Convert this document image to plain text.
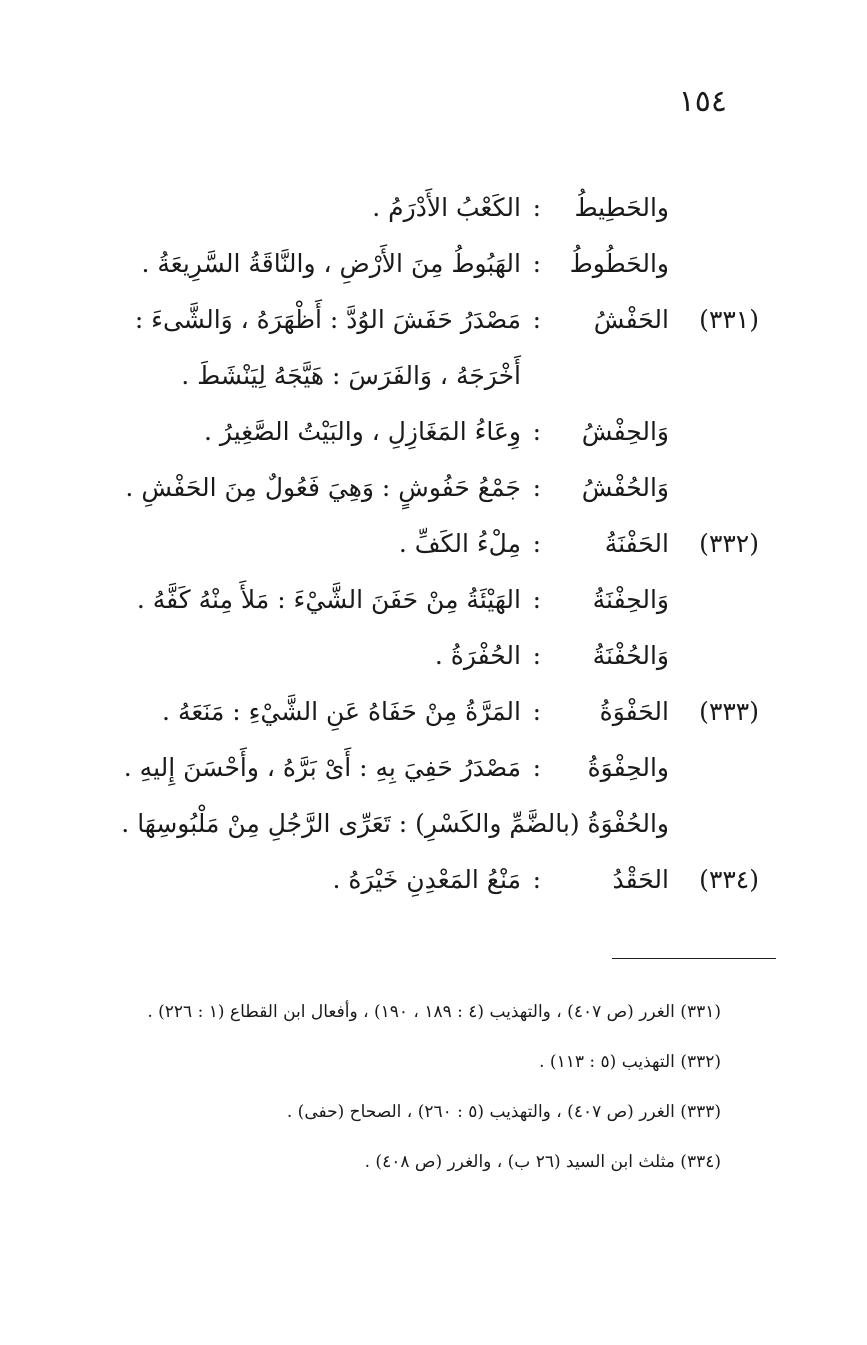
١٥٤
والحَطِيطُ
:
الكَعْبُ الأَدْرَمُ .
والحَطُوطُ
:
الهَبُوطُ مِنَ الأَرْضِ ، والنَّاقَةُ السَّرِيعَةُ .
(٣٣١)
الحَفْشُ
:
مَصْدَرُ حَفَشَ الوُدَّ : أَظْهَرَهُ ، وَالشَّىءَ :
أَخْرَجَهُ ، وَالفَرَسَ : هَيَّجَهُ لِيَنْشَطَ .
وَالحِفْشُ
:
وِعَاءُ المَغَازِلِ ، والبَيْتُ الصَّغِيرُ .
وَالحُفْشُ
:
جَمْعُ حَفُوشٍ : وَهِيَ فَعُولٌ مِنَ الحَفْشِ .
(٣٣٢)
الحَفْنَةُ
:
مِلْءُ الكَفِّ .
وَالحِفْنَةُ
:
الهَيْئَةُ مِنْ حَفَنَ الشَّيْءَ : مَلأَ مِنْهُ كَفَّهُ .
وَالحُفْنَةُ
:
الحُفْرَةُ .
(٣٣٣)
الحَفْوَةُ
:
المَرَّةُ مِنْ حَفَاهُ عَنِ الشَّيْءِ : مَنَعَهُ .
والحِفْوَةُ
:
مَصْدَرُ حَفِيَ بِهِ : أَىْ بَرَّهُ ، وأَحْسَنَ إِليهِ .
والحُفْوَةُ (بالضَّمِّ والكَسْرِ) : تَعَرِّى الرَّجُلِ مِنْ مَلْبُوسِهَا .
(٣٣٤)
الحَقْدُ
:
مَنْعُ المَعْدِنِ خَيْرَهُ .
(٣٣١) الغرر (ص ٤٠٧) ، والتهذيب (٤ : ١٨٩ ، ١٩٠) ، وأفعال ابن القطاع (١ : ٢٢٦) .
(٣٣٢) التهذيب (٥ : ١١٣) .
(٣٣٣) الغرر (ص ٤٠٧) ، والتهذيب (٥ : ٢٦٠) ، الصحاح (حفى) .
(٣٣٤) مثلث ابن السيد (٢٦ ب) ، والغرر (ص ٤٠٨) .
